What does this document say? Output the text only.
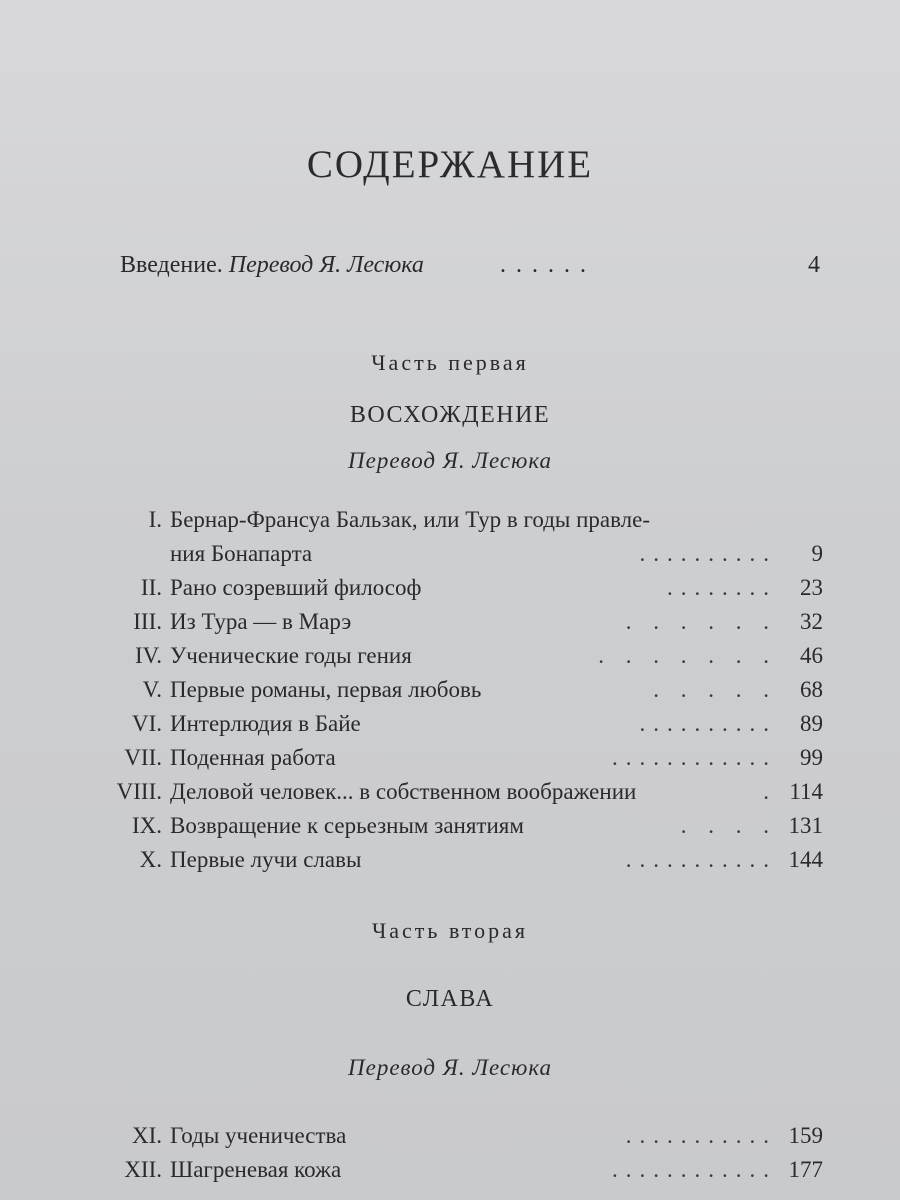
СОДЕРЖАНИЕ
Введение. Перевод Я. Лесюка	. . . . . .	4
Часть первая
ВОСХОЖДЕНИЕ
Перевод Я. Лесюка
I. Бернар-Франсуа Бальзак, или Тур в годы правле-
ния Бонапарта	.......... 9
II. Рано созревший философ	........ 23
III. Из Тура — в Марэ	. . . . . . 32
IV. Ученические годы гения	. . . . . . . 46
V. Первые романы, первая любовь	. . . . . 68
VI. Интерлюдия в Байе	.......... 89
VII. Поденная работа	............ 99
VIII. Деловой человек... в собственном воображении	. 114
IX. Возвращение к серьезным занятиям	. . . . 131
X. Первые лучи славы	........... 144
Часть вторая
СЛАВА
Перевод Я. Лесюка
XI. Годы ученичества	........... 159
XII. Шагреневая кожа	............ 177
